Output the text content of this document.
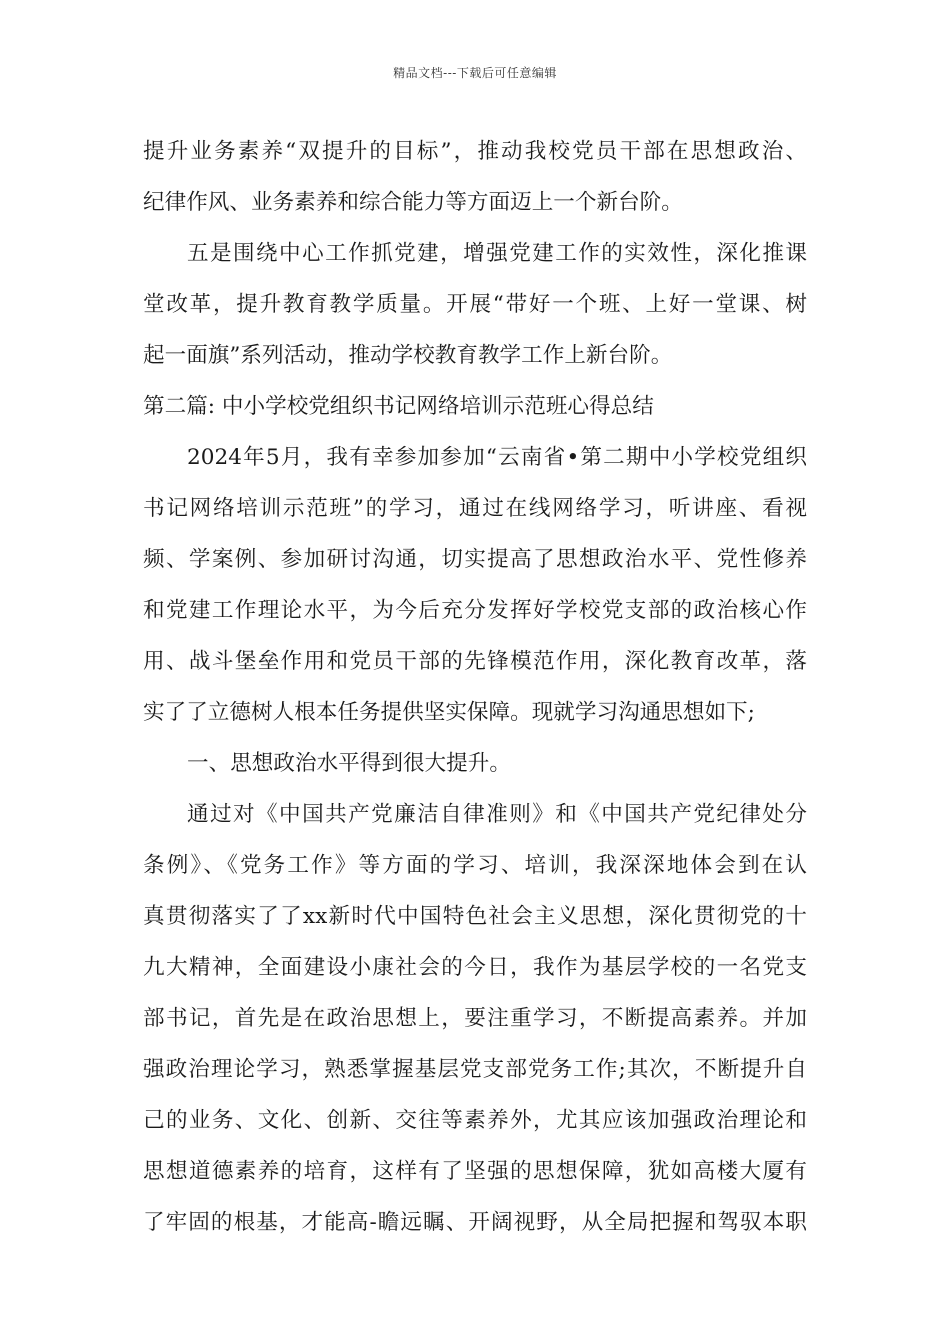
精品文档---下载后可任意编辑
提升业务素养“双提升的目标”，推动我校党员干部在思想政治、
纪律作风、业务素养和综合能力等方面迈上一个新台阶。
五是围绕中心工作抓党建，增强党建工作的实效性，深化推课
堂改革，提升教育教学质量。开展“带好一个班、上好一堂课、树
起一面旗”系列活动，推动学校教育教学工作上新台阶。
第二篇: 中小学校党组织书记网络培训示范班心得总结
2024年5月，我有幸参加参加“云南省•第二期中小学校党组织
书记网络培训示范班”的学习，通过在线网络学习，听讲座、看视
频、学案例、参加研讨沟通，切实提高了思想政治水平、党性修养
和党建工作理论水平，为今后充分发挥好学校党支部的政治核心作
用、战斗堡垒作用和党员干部的先锋模范作用，深化教育改革，落
实了了立德树人根本任务提供坚实保障。现就学习沟通思想如下;
一、思想政治水平得到很大提升。
通过对《中国共产党廉洁自律准则》和《中国共产党纪律处分
条例》、《党务工作》等方面的学习、培训，我深深地体会到在认
真贯彻落实了了xx新时代中国特色社会主义思想，深化贯彻党的十
九大精神，全面建设小康社会的今日，我作为基层学校的一名党支
部书记，首先是在政治思想上，要注重学习，不断提高素养。并加
强政治理论学习，熟悉掌握基层党支部党务工作;其次，不断提升自
己的业务、文化、创新、交往等素养外，尤其应该加强政治理论和
思想道德素养的培育，这样有了坚强的思想保障，犹如高楼大厦有
了牢固的根基，才能高-瞻远瞩、开阔视野，从全局把握和驾驭本职
